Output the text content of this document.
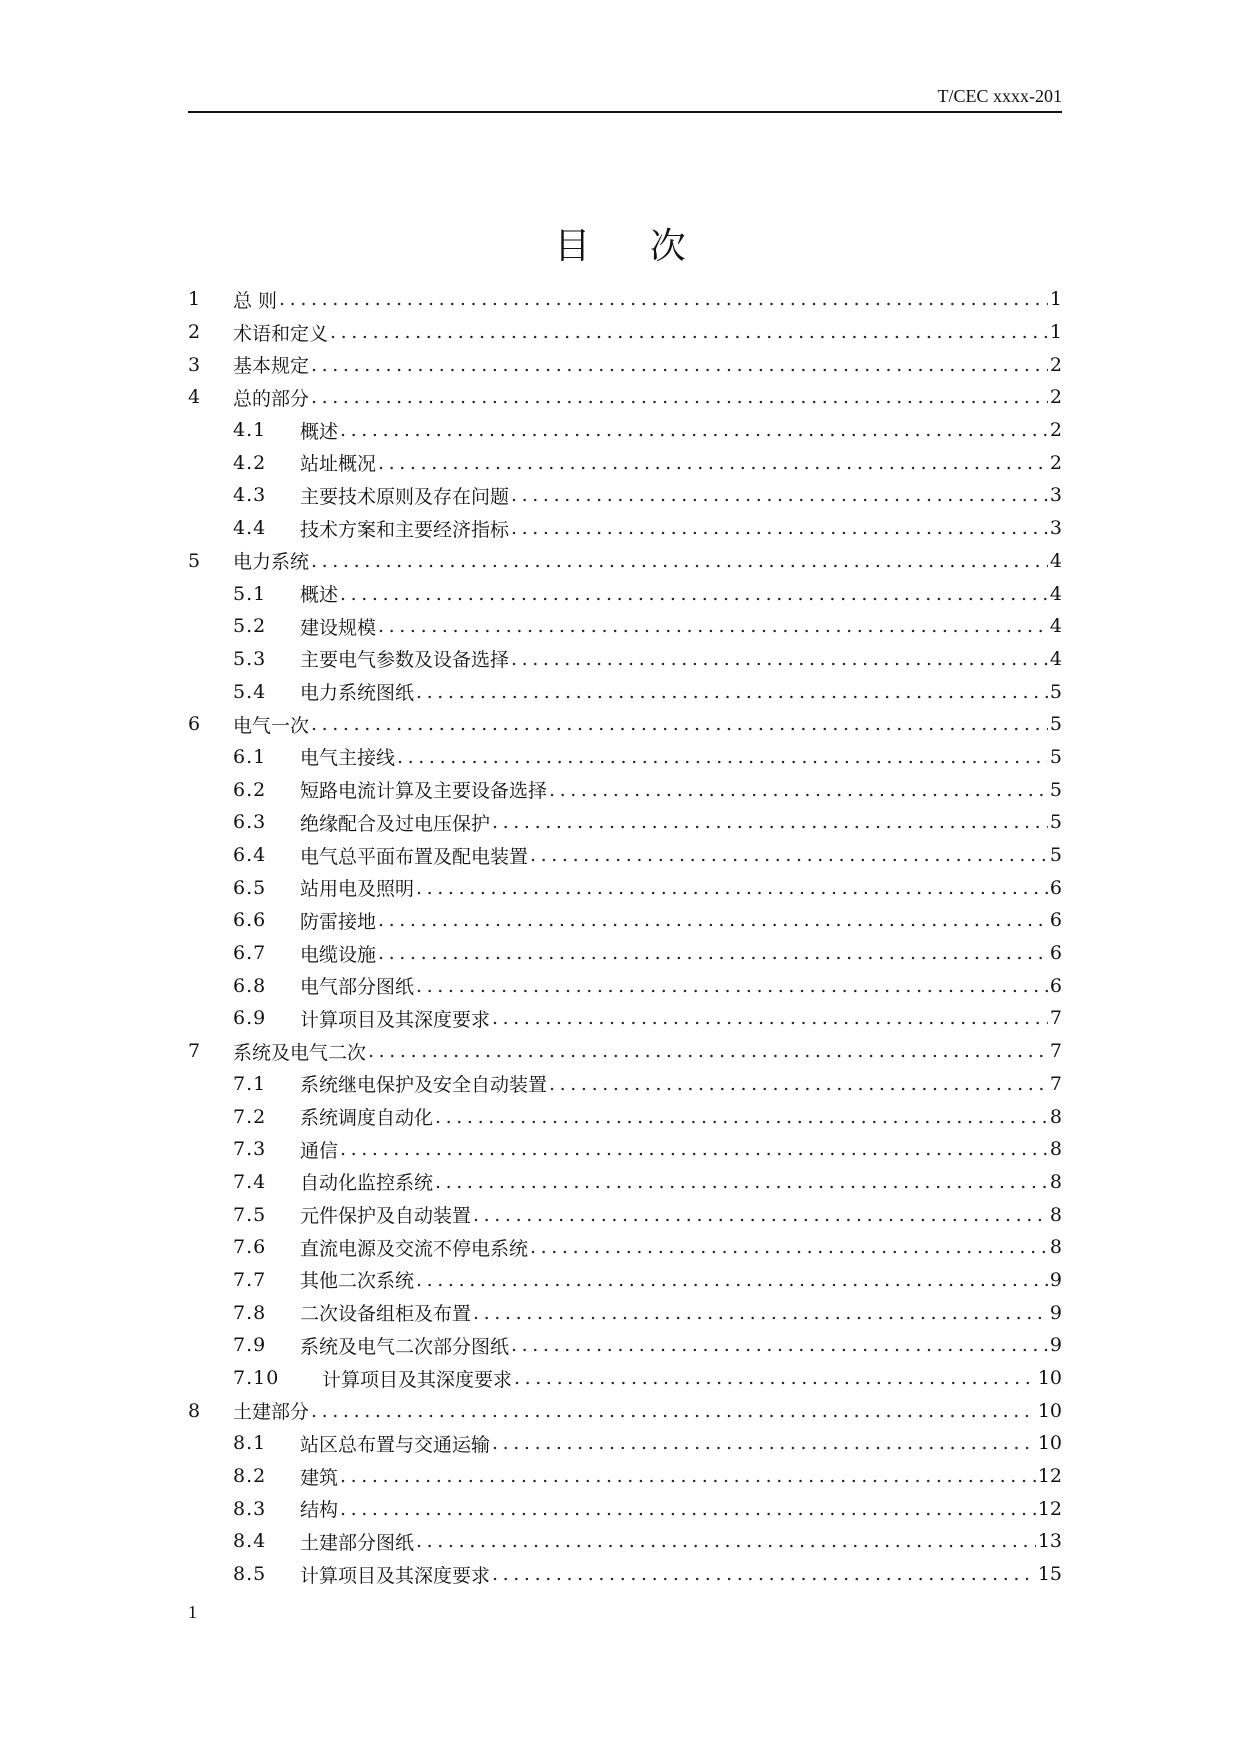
T/CEC xxxx-201
目 次
1	总 则 .....	1
2	术语和定义 .....	1
3	基本规定 .....	2
4	总的部分 .....	2
4.1	概述 .....	2
4.2	站址概况 .....	2
4.3	主要技术原则及存在问题 .....	3
4.4	技术方案和主要经济指标 .....	3
5	电力系统 .....	4
5.1	概述 .....	4
5.2	建设规模 .....	4
5.3	主要电气参数及设备选择 .....	4
5.4	电力系统图纸 .....	5
6	电气一次 .....	5
6.1	电气主接线 .....	5
6.2	短路电流计算及主要设备选择 .....	5
6.3	绝缘配合及过电压保护 .....	5
6.4	电气总平面布置及配电装置 .....	5
6.5	站用电及照明 .....	6
6.6	防雷接地 .....	6
6.7	电缆设施 .....	6
6.8	电气部分图纸 .....	6
6.9	计算项目及其深度要求 .....	7
7	系统及电气二次 .....	7
7.1	系统继电保护及安全自动装置 .....	7
7.2	系统调度自动化 .....	8
7.3	通信 .....	8
7.4	自动化监控系统 .....	8
7.5	元件保护及自动装置 .....	8
7.6	直流电源及交流不停电系统 .....	8
7.7	其他二次系统 .....	9
7.8	二次设备组柜及布置 .....	9
7.9	系统及电气二次部分图纸 .....	9
7.10	计算项目及其深度要求 .....	10
8	土建部分 .....	10
8.1	站区总布置与交通运输 .....	10
8.2	建筑 .....	12
8.3	结构 .....	12
8.4	土建部分图纸 .....	13
8.5	计算项目及其深度要求 .....	15
1
